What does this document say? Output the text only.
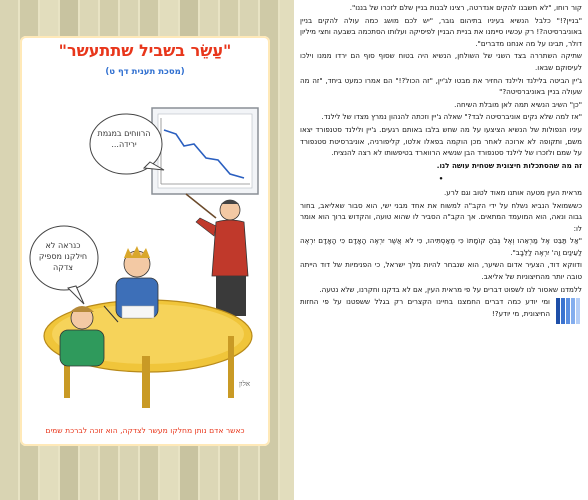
"עַשֵׂר בשביל שתתעשר"
(מסכת תענית דף ט)
אלון
הרווחים במגמת ירידה...
כנראה לא חילקנו מספיק צדקה
כאשר אדם נותן מחלקו מעשר לצדקה, הוא זוכה לברכת שמים

קור רוחו, "לא חשבנו להקים אנדרטה, רצינו לבנות בניין שלם לזכרו של בננו".

"בניין?!" כלבל הנשיא בעיניו בתיהום גובר, "יש לכם מושג כמה עולה להקים בניין באוניברסיטה?! רק עכשיו סיימנו את בניית הבניין לפיסיקה ועלותו הסתכמה בשבעה וחצי מיליון דולר, תבינו על מה אנחנו מדברים".

שתיקה השתררה בצד השני של השולחן, הנשיא היה בטוח שסוף סוף הם ירדו ממנו וילכו לעיסוקם שבאו.

ג'יין הביטה בלילנד ולילנד החזיר את מבטו לג'יין, "זה הכול?!" הם אמרו כמעט ביחד, "זה מה שעולה בניין באוניברסיטה?"

"כן" השיב הנשיא תמה לאן מובלת השיחה.

"אז למה שלא נקים אוניברסיטה לבד?" שאלה ג'יין וזכתה להנהון נמרץ מצדו של לילנד.

עיניו הנפולות של הנשיא הציצעו על מה שחש בלבו באותם רגעים. ג'יין ולילנד סטנפורד יצאו משם, ותקופה לא ארוכה לאחר מכן הוקמה בפאלו אלטו, קליפורניה, אוניברסיטת סטנפורד על שמם ולזכרו של לילנד סטנפורד הבן שנשיא הרווארד בטיפשותו לא רצה להנציח.

זה מה שהסתכלות חיצונית שטחית עושה לנו.

•

מראית העין מטעה אותנו מאוד לטוב וגם לרע.

כששמואל הנביא נשלח על ידי הקב"ה למשוח את אחד מבני ישי, הוא סבור שאליאב, בחור גבוה ונאה, הוא המועמד המתאים. אך הקב"ה הסביר לו שהוא טועה, והקדוש ברוך הוא אומר לו:

"אַל תַּבֵּט אֶל מַרְאֵהוּ וְאֶל גְּבֹהַּ קוֹמָתוֹ כִּי מְאַסְתִּיהוּ, כִּי לֹא אֲשֶׁר יִרְאֶה הָאָדָם כִּי הָאָדָם יִרְאֶה לַעֵינַיִם וַה' יִרְאֶה לַלֵּבָב".

ודווקא דוד, הצעיר אדום השיער, הוא שנבחר להיות מלך ישראל, כי הפנימיות של דוד הייתה טובה יותר מהחיצוניות של אליאב.

ללמדנו שאסור לנו לשפוט דברים על פי מראית העין, אם לא בדקנו וחקרנו, שלא נטעה.

ומי יודע כמה דברים החמצנו בחיינו הקצרים רק בגלל ששפטנו על פי החזות החיצונית, מי יודע?!
